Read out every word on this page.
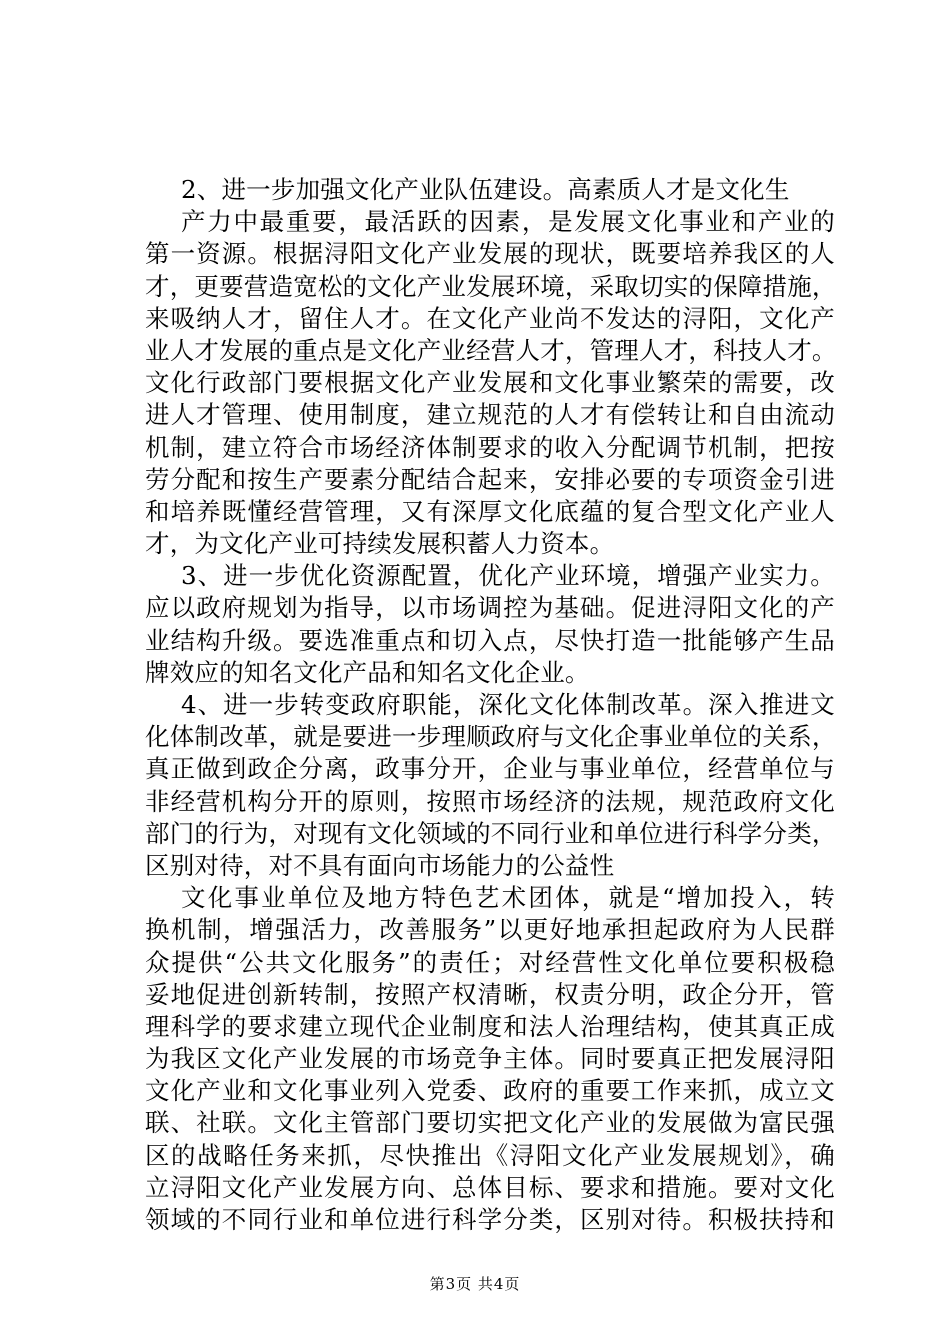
2、进一步加强文化产业队伍建设。高素质人才是文化生
产力中最重要，最活跃的因素，是发展文化事业和产业的
第一资源。根据浔阳文化产业发展的现状，既要培养我区的人
才，更要营造宽松的文化产业发展环境，采取切实的保障措施，
来吸纳人才，留住人才。在文化产业尚不发达的浔阳，文化产
业人才发展的重点是文化产业经营人才，管理人才，科技人才。
文化行政部门要根据文化产业发展和文化事业繁荣的需要，改
进人才管理、使用制度，建立规范的人才有偿转让和自由流动
机制，建立符合市场经济体制要求的收入分配调节机制，把按
劳分配和按生产要素分配结合起来，安排必要的专项资金引进
和培养既懂经营管理，又有深厚文化底蕴的复合型文化产业人
才，为文化产业可持续发展积蓄人力资本。
3、进一步优化资源配置，优化产业环境，增强产业实力。
应以政府规划为指导，以市场调控为基础。促进浔阳文化的产
业结构升级。要选准重点和切入点，尽快打造一批能够产生品
牌效应的知名文化产品和知名文化企业。
4、进一步转变政府职能，深化文化体制改革。深入推进文
化体制改革，就是要进一步理顺政府与文化企事业单位的关系，
真正做到政企分离，政事分开，企业与事业单位，经营单位与
非经营机构分开的原则，按照市场经济的法规，规范政府文化
部门的行为，对现有文化领域的不同行业和单位进行科学分类，
区别对待，对不具有面向市场能力的公益性
文化事业单位及地方特色艺术团体，就是“增加投入，转
换机制，增强活力，改善服务”以更好地承担起政府为人民群
众提供“公共文化服务”的责任；对经营性文化单位要积极稳
妥地促进创新转制，按照产权清晰，权责分明，政企分开，管
理科学的要求建立现代企业制度和法人治理结构，使其真正成
为我区文化产业发展的市场竞争主体。同时要真正把发展浔阳
文化产业和文化事业列入党委、政府的重要工作来抓，成立文
联、社联。文化主管部门要切实把文化产业的发展做为富民强
区的战略任务来抓，尽快推出《浔阳文化产业发展规划》，确
立浔阳文化产业发展方向、总体目标、要求和措施。要对文化
领域的不同行业和单位进行科学分类，区别对待。积极扶持和
第3页 共4页
